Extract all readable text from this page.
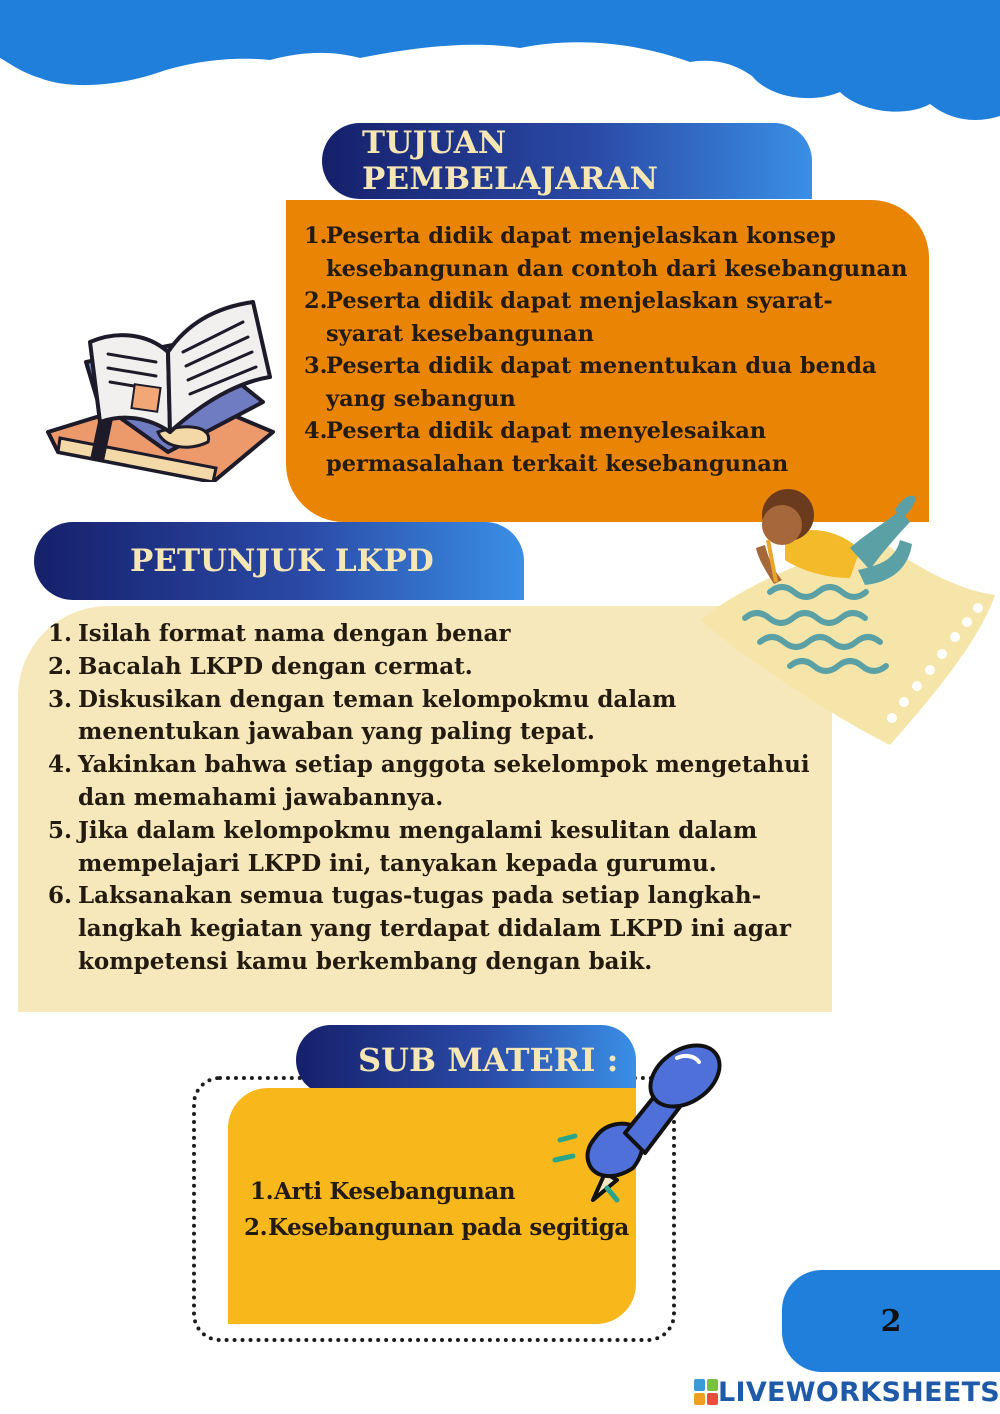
TUJUAN PEMBELAJARAN
1.
Peserta didik dapat menjelaskan konsep kesebangunan dan contoh dari kesebangunan
2.
Peserta didik dapat menjelaskan syarat-syarat kesebangunan
3.
Peserta didik dapat menentukan dua benda yang sebangun
4.
Peserta didik dapat menyelesaikan permasalahan terkait kesebangunan
PETUNJUK LKPD
1. Isilah format nama dengan benar
2. Bacalah LKPD dengan cermat.
3. Diskusikan dengan teman kelompokmu dalam menentukan jawaban yang paling tepat.
4. Yakinkan bahwa setiap anggota sekelompok mengetahui dan memahami jawabannya.
5. Jika dalam kelompokmu mengalami kesulitan dalam mempelajari LKPD ini, tanyakan kepada gurumu.
6. Laksanakan semua tugas-tugas pada setiap langkah-langkah kegiatan yang terdapat didalam LKPD ini agar kompetensi kamu berkembang dengan baik.
SUB MATERI :
1. Arti Kesebangunan
2. Kesebangunan pada segitiga
2
LIVEWORKSHEETS
